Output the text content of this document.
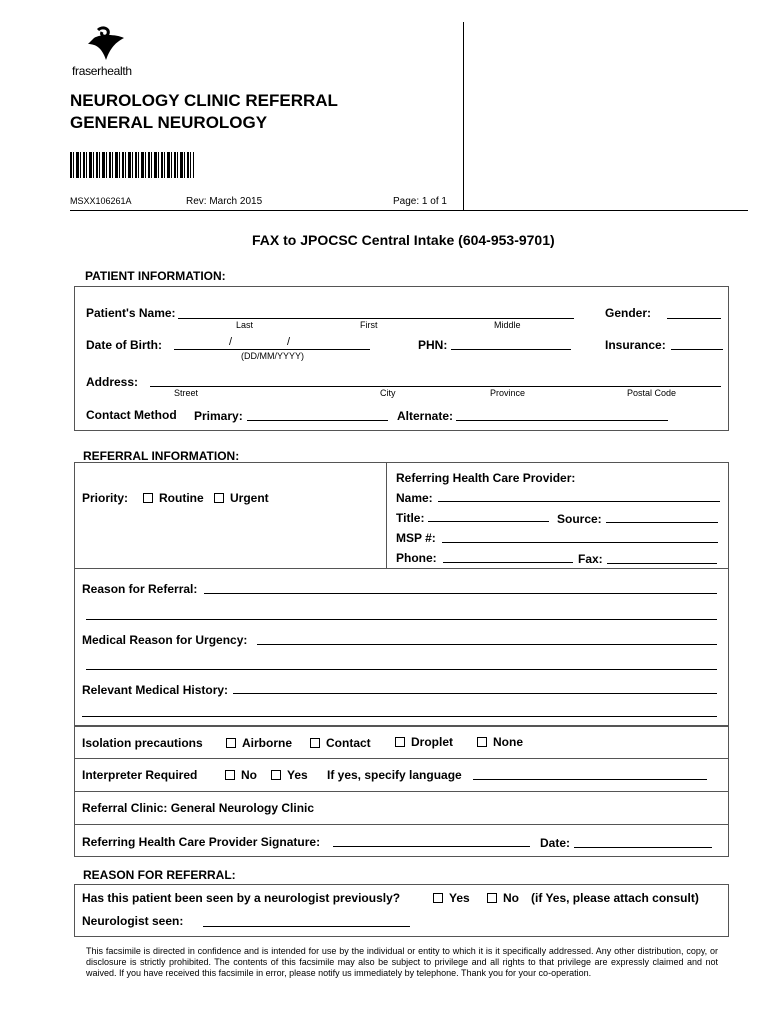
fraserhealth
NEUROLOGY CLINIC REFERRAL
GENERAL NEUROLOGY
MSXX106261A	Rev: March 2015	Page: 1 of 1
FAX to JPOCSC Central Intake (604-953-9701)
PATIENT INFORMATION:
Patient's Name:
Last	First	Middle
Gender:
Date of Birth:	/	/
(DD/MM/YYYY)
PHN:	Insurance:
Address:
Street	City	Province	Postal Code
Contact Method Primary:	Alternate:
REFERRAL INFORMATION:
Priority:	Routine	Urgent
Referring Health Care Provider:
Name:
Title:	Source:
MSP #:
Phone:	Fax:
Reason for Referral:
Medical Reason for Urgency:
Relevant Medical History:
Isolation precautions	Airborne	Contact	Droplet	None
Interpreter Required	No	Yes If yes, specify language
Referral Clinic: General Neurology Clinic
Referring Health Care Provider Signature:	Date:
REASON FOR REFERRAL:
Has this patient been seen by a neurologist previously?	Yes	No (if Yes, please attach consult)
Neurologist seen:
This facsimile is directed in confidence and is intended for use by the individual or entity to which it is it specifically addressed. Any other distribution, copy, or disclosure is strictly prohibited. The contents of this facsimile may also be subject to privilege and all rights to that privilege are expressly claimed and not waived. If you have received this facsimile in error, please notify us immediately by telephone. Thank you for your co-operation.
